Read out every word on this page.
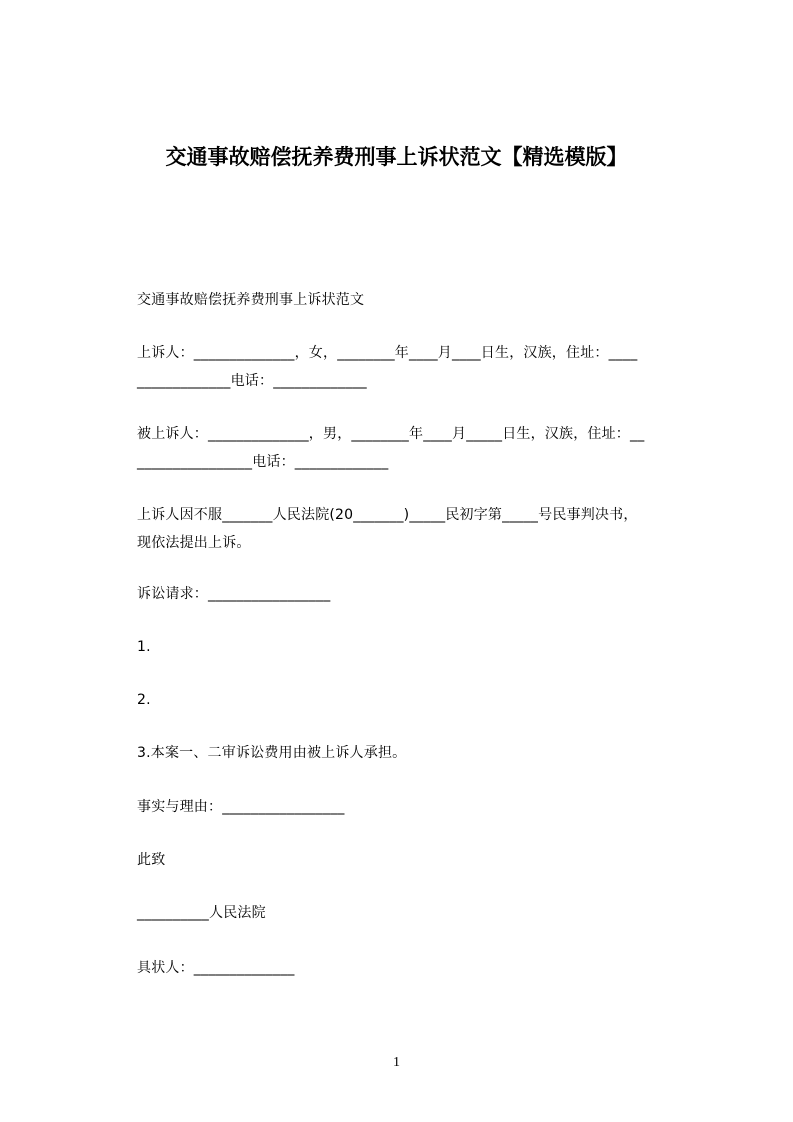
交通事故赔偿抚养费刑事上诉状范文【精选模版】
交通事故赔偿抚养费刑事上诉状范文
上诉人：______________，女，________年____月____日生，汉族，住址：____
_____________电话：_____________
被上诉人：______________，男，________年____月_____日生，汉族，住址：__
________________电话：_____________
上诉人因不服_______人民法院(20_______)_____民初字第_____号民事判决书，
现依法提出上诉。
诉讼请求：_________________
1.
2.
3.本案一、二审诉讼费用由被上诉人承担。
事实与理由：_________________
此致
__________人民法院
具状人：______________
1
